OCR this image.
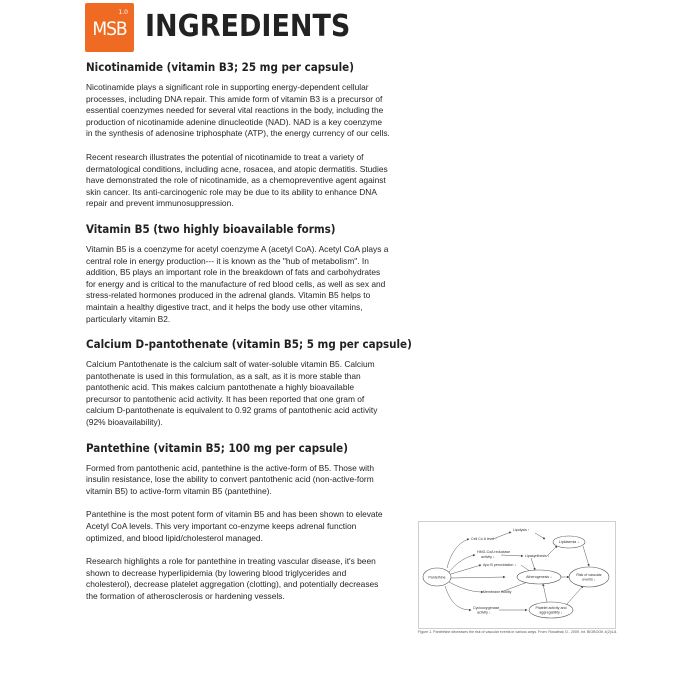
MSB
1.0 INGREDIENTS
Nicotinamide (vitamin B3; 25 mg per capsule)

Nicotinamide plays a significant role in supporting energy-dependent cellular processes, including DNA repair. This amide form of vitamin B3 is a precursor of essential coenzymes needed for several vital reactions in the body, including the production of nicotinamide adenine dinucleotide (NAD). NAD is a key coenzyme in the synthesis of adenosine triphosphate (ATP), the energy currency of our cells.

Recent research illustrates the potential of nicotinamide to treat a variety of dermatological conditions, including acne, rosacea, and atopic dermatitis. Studies have demonstrated the role of nicotinamide, as a chemopreventive agent against skin cancer. Its anti-carcinogenic role may be due to its ability to enhance DNA repair and prevent immunosuppression.

Vitamin B5 (two highly bioavailable forms)

Vitamin B5 is a coenzyme for acetyl coenzyme A (acetyl CoA). Acetyl CoA plays a central role in energy production--- it is known as the "hub of metabolism". In addition, B5 plays an important role in the breakdown of fats and carbohydrates for energy and is critical to the manufacture of red blood cells, as well as sex and stress-related hormones produced in the adrenal glands. Vitamin B5 helps to maintain a healthy digestive tract, and it helps the body use other vitamins, particularly vitamin B2.

Calcium D-pantothenate (vitamin B5; 5 mg per capsule)

Calcium Pantothenate is the calcium salt of water-soluble vitamin B5. Calcium pantothenate is used in this formulation, as a salt, as it is more stable than pantothenic acid. This makes calcium pantothenate a highly bioavailable precursor to pantothenic acid activity. It has been reported that one gram of calcium D-pantothenate is equivalent to 0.92 grams of pantothenic acid activity (92% bioavailability).

Pantethine (vitamin B5; 100 mg per capsule)

Formed from pantothenic acid, pantethine is the active-form of B5. Those with insulin resistance, lose the ability to convert pantothenic acid (non-active-form vitamin B5) to active-form vitamin B5 (pantethine).

Pantethine is the most potent form of vitamin B5 and has been shown to elevate Acetyl CoA levels. This very important co-enzyme keeps adrenal function optimized, and blood lipid/cholesterol managed.

Research highlights a role for pantethine in treating vascular disease, it's been shown to decrease hyperlipidemia (by lowering blood triglycerides and cholesterol), decrease platelet aggregation (clotting), and potentially decreases the formation of atherosclerosis or hardening vessels.

Pantethine
Cell Co A level ↑
Lipolysis ↑
Lipidaemia ↓
HMG-CoA reductase
activity ↓	Lipasynthesis ↓
Apo B peroxidation ↓
Atherogenesis ↓
Risk of vascular
events ↓
Membrane fluidity
Cyclooxygenase
activity ↓
Platelet activity and
aggregability ↓
Figure 1. Pantethine decreases the risk of vascular events in various ways. From: Rosatinal, D., 2009. Int. BIOBOOK 4(2)4-8.
